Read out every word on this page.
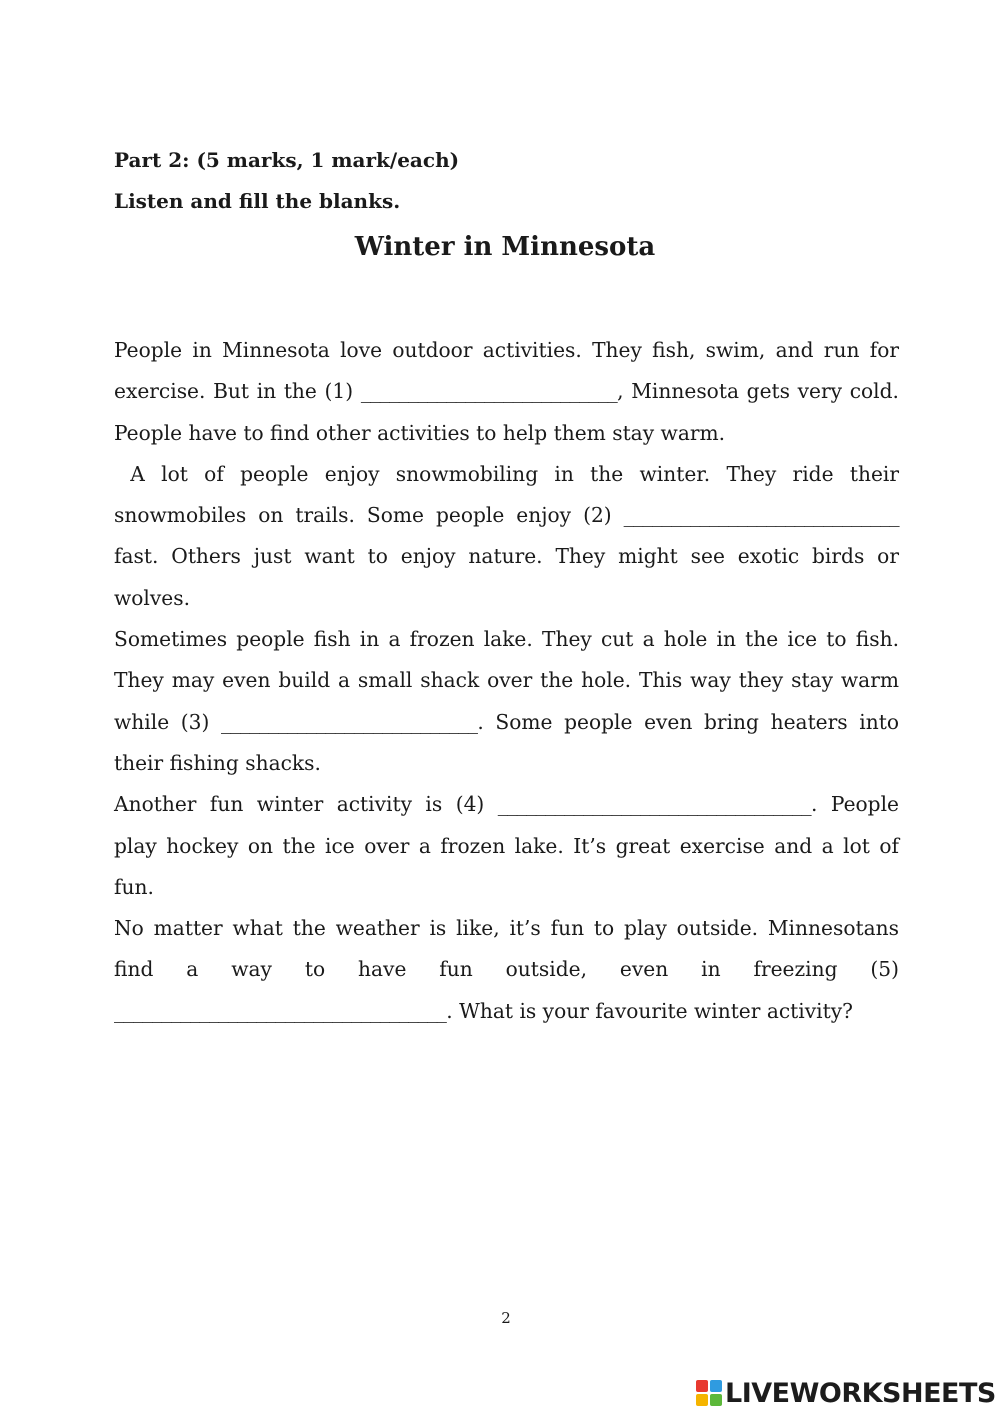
Part 2: (5 marks, 1 mark/each)
Listen and fill the blanks.
Winter in Minnesota

People in Minnesota love outdoor activities. They fish, swim, and run for exercise. But in the (1) ___________________________, Minnesota gets very cold. People have to find other activities to help them stay warm.

A lot of people enjoy snowmobiling in the winter. They ride their snowmobiles on trails. Some people enjoy (2) _____________________________ fast. Others just want to enjoy nature. They might see exotic birds or wolves.

Sometimes people fish in a frozen lake. They cut a hole in the ice to fish. They may even build a small shack over the hole. This way they stay warm while (3) ___________________________. Some people even bring heaters into their fishing shacks.

Another fun winter activity is (4) _________________________________. People play hockey on the ice over a frozen lake. It’s great exercise and a lot of fun.

No matter what the weather is like, it’s fun to play outside. Minnesotans find a way to have fun outside, even in freezing (5) ___________________________________. What is your favourite winter activity?

2
LIVEWORKSHEETS
